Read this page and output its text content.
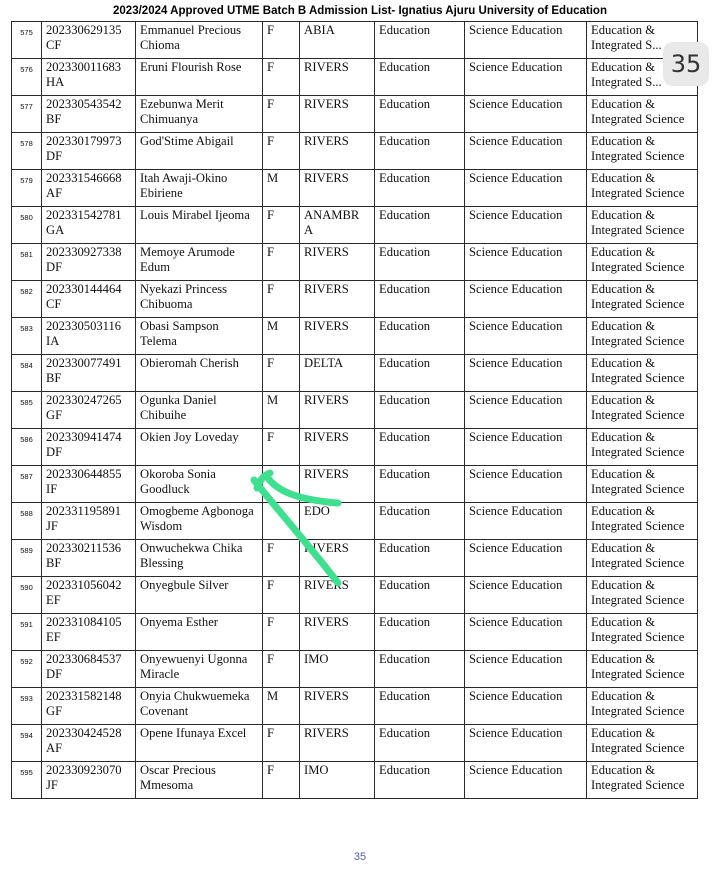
2023/2024 Approved UTME Batch B Admission List- Ignatius Ajuru University of Education
575	202330629135 CF	Emmanuel Precious Chioma	F	ABIA	Education	Science Education	Education & Integrated S...
576	202330011683 HA	Eruni Flourish Rose	F	RIVERS	Education	Science Education	Education & Integrated S...
577	202330543542 BF	Ezebunwa Merit Chimuanya	F	RIVERS	Education	Science Education	Education & Integrated Science
578	202330179973 DF	God'Stime Abigail	F	RIVERS	Education	Science Education	Education & Integrated Science
579	202331546668 AF	Itah Awaji-Okino Ebiriene	M	RIVERS	Education	Science Education	Education & Integrated Science
580	202331542781 GA	Louis Mirabel Ijeoma	F	ANAMBR A	Education	Science Education	Education & Integrated Science
581	202330927338 DF	Memoye Arumode Edum	F	RIVERS	Education	Science Education	Education & Integrated Science
582	202330144464 CF	Nyekazi Princess Chibuoma	F	RIVERS	Education	Science Education	Education & Integrated Science
583	202330503116 IA	Obasi Sampson Telema	M	RIVERS	Education	Science Education	Education & Integrated Science
584	202330077491 BF	Obieromah Cherish	F	DELTA	Education	Science Education	Education & Integrated Science
585	202330247265 GF	Ogunka Daniel Chibuihe	M	RIVERS	Education	Science Education	Education & Integrated Science
586	202330941474 DF	Okien Joy Loveday	F	RIVERS	Education	Science Education	Education & Integrated Science
587	202330644855 IF	Okoroba Sonia Goodluck		RIVERS	Education	Science Education	Education & Integrated Science
588	202331195891 JF	Omogbeme Agbonoga Wisdom		EDO	Education	Science Education	Education & Integrated Science
589	202330211536 BF	Onwuchekwa Chika Blessing	F	RIVERS	Education	Science Education	Education & Integrated Science
590	202331056042 EF	Onyegbule Silver	F	RIVERS	Education	Science Education	Education & Integrated Science
591	202331084105 EF	Onyema Esther	F	RIVERS	Education	Science Education	Education & Integrated Science
592	202330684537 DF	Onyewuenyi Ugonna Miracle	F	IMO	Education	Science Education	Education & Integrated Science
593	202331582148 GF	Onyia Chukwuemeka Covenant	M	RIVERS	Education	Science Education	Education & Integrated Science
594	202330424528 AF	Opene Ifunaya Excel	F	RIVERS	Education	Science Education	Education & Integrated Science
595	202330923070 JF	Oscar Precious Mmesoma	F	IMO	Education	Science Education	Education & Integrated Science
35
35
